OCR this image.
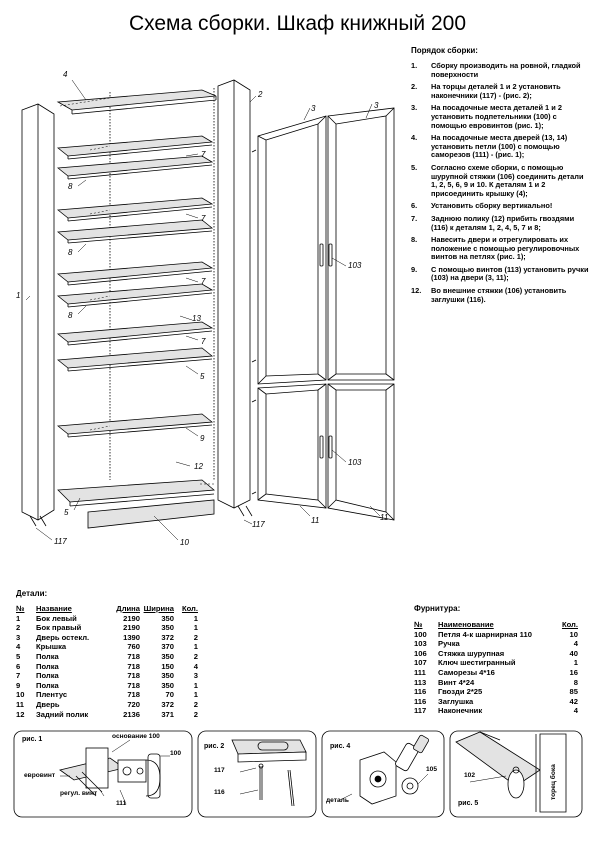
Схема сборки. Шкаф книжный 200
4
2
3	3
7
8
7
8
7
1
8	13
7
5
9
12
103
103
5
11	11
117
117	10
Порядок сборки:
1.	Сборку производить на ровной, гладкой поверхности
2.	На торцы деталей 1 и 2 установить наконечники (117) - (рис. 2);
3.	На посадочные места деталей 1 и 2 установить подпетельники (100) с помощью евровинтов (рис. 1);
4.	На посадочные места дверей (13, 14) установить петли (100) с помощью саморезов (111) - (рис. 1);
5.	Согласно схеме сборки, с помощью шурупной стяжки (106) соединить детали 1, 2, 5, 6, 9 и 10. К деталям 1 и 2 присоединить крышку (4);
6.	Установить сборку вертикально!
7.	Заднюю полику (12) прибить гвоздями (116) к деталям 1, 2, 4, 5, 7 и 8;
8.	Навесить двери и отрегулировать их положение с помощью регулировочных винтов на петлях (рис. 1);
9.	С помощью винтов (113) установить ручки (103) на двери (3, 11);
12.	Во внешние стяжки (106) установить заглушки (116).
Детали:
№	Название	Длина	Ширина	Кол.
1	Бок левый	2190	350	1
2	Бок правый	2190	350	1
3	Дверь остекл.	1390	372	2
4	Крышка	760	370	1
5	Полка	718	350	2
6	Полка	718	150	4
7	Полка	718	350	3
9	Полка	718	350	1
10	Плентус	718	70	1
11	Дверь	720	372	2
12	Задний полик	2136	371	2
Фурнитура:
№	Наименование	Кол.
100	Петля 4-к шарнирная 110	10
103	Ручка	4
106	Стяжка шурупная	40
107	Ключ шестигранный	1
111	Саморезы 4*16	16
113	Винт 4*24	8
116	Гвозди 2*25	85
116	Заглушка	42
117	Наконечник	4
рис. 1	основание 100
100
евровинт
регул. винт
111
рис. 2
117
116
рис. 4
105
деталь	рис. 5
102	торец бока
